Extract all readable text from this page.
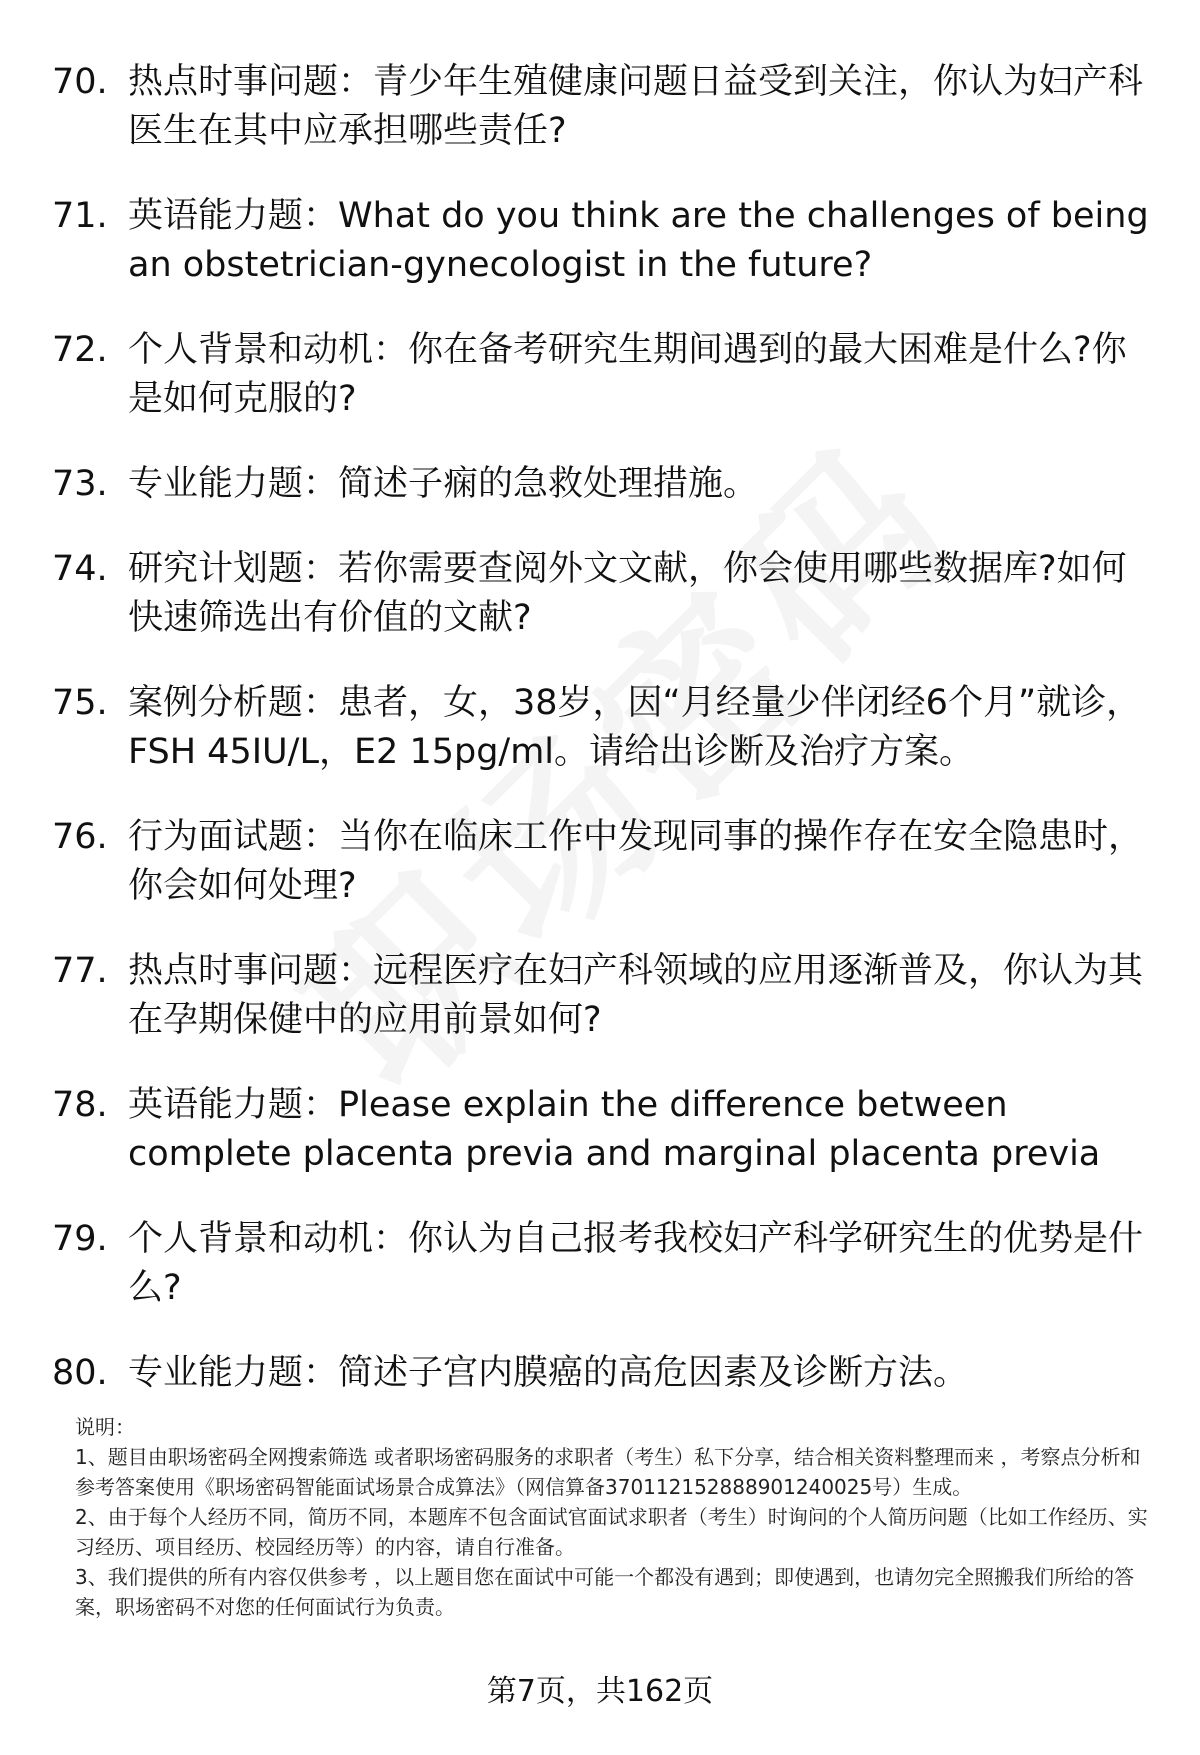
70. 热点时事问题：青少年生殖健康问题日益受到关注，你认为妇产科医生在其中应承担哪些责任?
71. 英语能力题：What do you think are the challenges of being an obstetrician-gynecologist in the future?
72. 个人背景和动机：你在备考研究生期间遇到的最大困难是什么?你是如何克服的?
73. 专业能力题：简述子痫的急救处理措施。
74. 研究计划题：若你需要查阅外文文献，你会使用哪些数据库?如何快速筛选出有价值的文献?
75. 案例分析题：患者，女，38岁，因“月经量少伴闭经6个月”就诊，FSH 45IU/L，E2 15pg/ml。请给出诊断及治疗方案。
76. 行为面试题：当你在临床工作中发现同事的操作存在安全隐患时，你会如何处理?
77. 热点时事问题：远程医疗在妇产科领域的应用逐渐普及，你认为其在孕期保健中的应用前景如何?
78. 英语能力题：Please explain the difference between complete placenta previa and marginal placenta previa
79. 个人背景和动机：你认为自己报考我校妇产科学研究生的优势是什么?
80. 专业能力题：简述子宫内膜癌的高危因素及诊断方法。

说明：

1、题目由职场密码全网搜索筛选 或者职场密码服务的求职者（考生）私下分享，结合相关资料整理而来 ，考察点分析和参考答案使用《职场密码智能面试场景合成算法》（网信算备370112152888901240025号）生成。

2、由于每个人经历不同，简历不同，本题库不包含面试官面试求职者（考生）时询问的个人简历问题（比如工作经历、实习经历、项目经历、校园经历等）的内容，请自行准备。

3、我们提供的所有内容仅供参考 ，以上题目您在面试中可能一个都没有遇到；即使遇到，也请勿完全照搬我们所给的答案，职场密码不对您的任何面试行为负责。

第7页，共162页
